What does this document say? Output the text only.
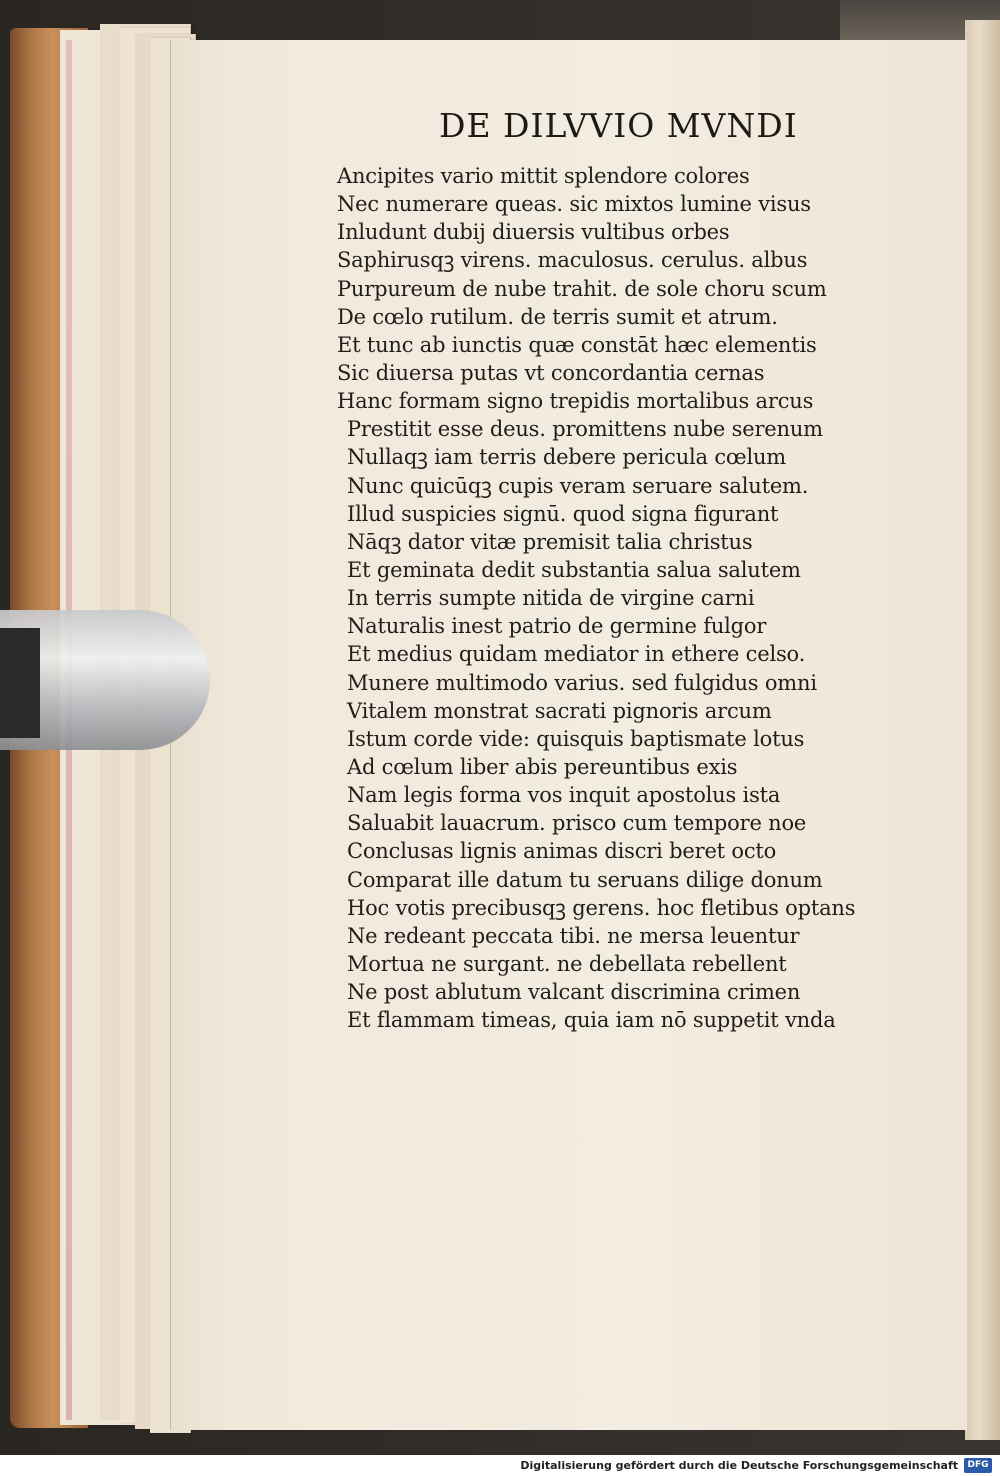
DE DILVVIO MVNDI
Ancipites vario mittit splendore colores
Nec numerare queas. sic mixtos lumine visus
Inludunt dubij diuersis vultibus orbes
Saphirusqꝫ virens. maculosus. cerulus. albus
Purpureum de nube trahit. de sole choru scum
De cœlo rutilum. de terris sumit et atrum.
Et tunc ab iunctis quæ constāt hæc elementis
Sic diuersa putas vt concordantia cernas
Hanc formam signo trepidis mortalibus arcus
Prestitit esse deus. promittens nube serenum
Nullaqꝫ iam terris debere pericula cœlum
Nunc quicūqꝫ cupis veram seruare salutem.
Illud suspicies signū. quod signa figurant
Nāqꝫ dator vitæ premisit talia christus
Et geminata dedit substantia salua salutem
In terris sumpte nitida de virgine carni
Naturalis inest patrio de germine fulgor
Et medius quidam mediator in ethere celso.
Munere multimodo varius. sed fulgidus omni
Vitalem monstrat sacrati pignoris arcum
Istum corde vide: quisquis baptismate lotus
Ad cœlum liber abis pereuntibus exis
Nam legis forma vos inquit apostolus ista
Saluabit lauacrum. prisco cum tempore noe
Conclusas lignis animas discri beret octo
Comparat ille datum tu seruans dilige donum
Hoc votis precibusqꝫ gerens. hoc fletibus optans
Ne redeant peccata tibi. ne mersa leuentur
Mortua ne surgant. ne debellata rebellent
Ne post ablutum valcant discrimina crimen
Et flammam timeas, quia iam nō suppetit vnda
Digitalisierung gefördert durch die Deutsche Forschungsgemeinschaft	DFG
